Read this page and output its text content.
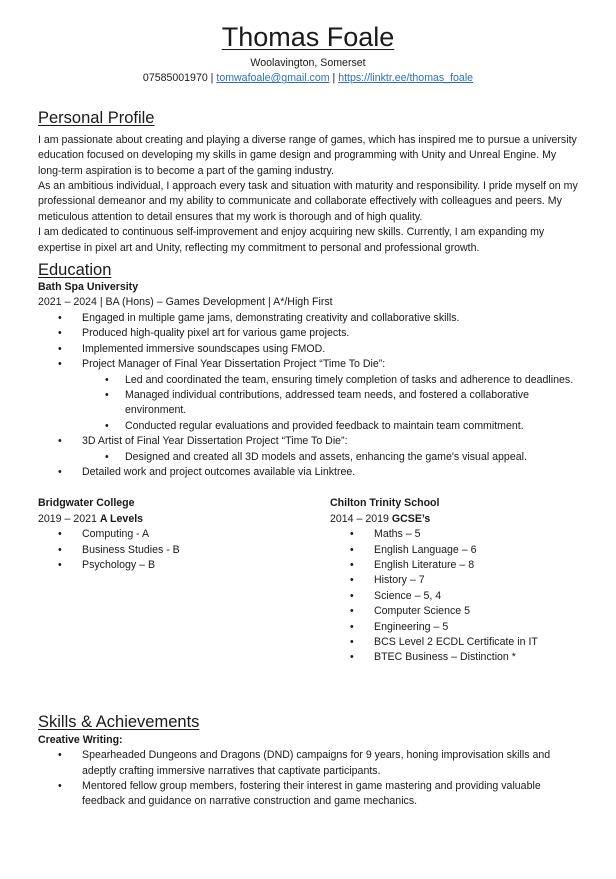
Thomas Foale
Woolavington, Somerset
07585001970 | tomwafoale@gmail.com | https://linktr.ee/thomas_foale
Personal Profile

I am passionate about creating and playing a diverse range of games, which has inspired me to pursue a university education focused on developing my skills in game design and programming with Unity and Unreal Engine. My long-term aspiration is to become a part of the gaming industry.

As an ambitious individual, I approach every task and situation with maturity and responsibility. I pride myself on my professional demeanor and my ability to communicate and collaborate effectively with colleagues and peers. My meticulous attention to detail ensures that my work is thorough and of high quality.

I am dedicated to continuous self-improvement and enjoy acquiring new skills. Currently, I am expanding my expertise in pixel art and Unity, reflecting my commitment to personal and professional growth.

Education
Bath Spa University
2021 – 2024 | BA (Hons) – Games Development | A*/High First
• Engaged in multiple game jams, demonstrating creativity and collaborative skills.
• Produced high-quality pixel art for various game projects.
• Implemented immersive soundscapes using FMOD.
• Project Manager of Final Year Dissertation Project “Time To Die”:
• Led and coordinated the team, ensuring timely completion of tasks and adherence to deadlines.
• Managed individual contributions, addressed team needs, and fostered a collaborative environment.
• Conducted regular evaluations and provided feedback to maintain team commitment.
• 3D Artist of Final Year Dissertation Project “Time To Die”:
• Designed and created all 3D models and assets, enhancing the game's visual appeal.
• Detailed work and project outcomes available via Linktree.
Bridgwater College
2019 – 2021 A Levels
• Computing - A
• Business Studies - B
• Psychology – B
Chilton Trinity School
2014 – 2019 GCSE’s
• Maths – 5
• English Language – 6
• English Literature – 8
• History – 7
• Science – 5, 4
• Computer Science 5
• Engineering – 5
• BCS Level 2 ECDL Certificate in IT
• BTEC Business – Distinction *
Skills & Achievements
Creative Writing:
• Spearheaded Dungeons and Dragons (DND) campaigns for 9 years, honing improvisation skills and adeptly crafting immersive narratives that captivate participants.
• Mentored fellow group members, fostering their interest in game mastering and providing valuable feedback and guidance on narrative construction and game mechanics.
